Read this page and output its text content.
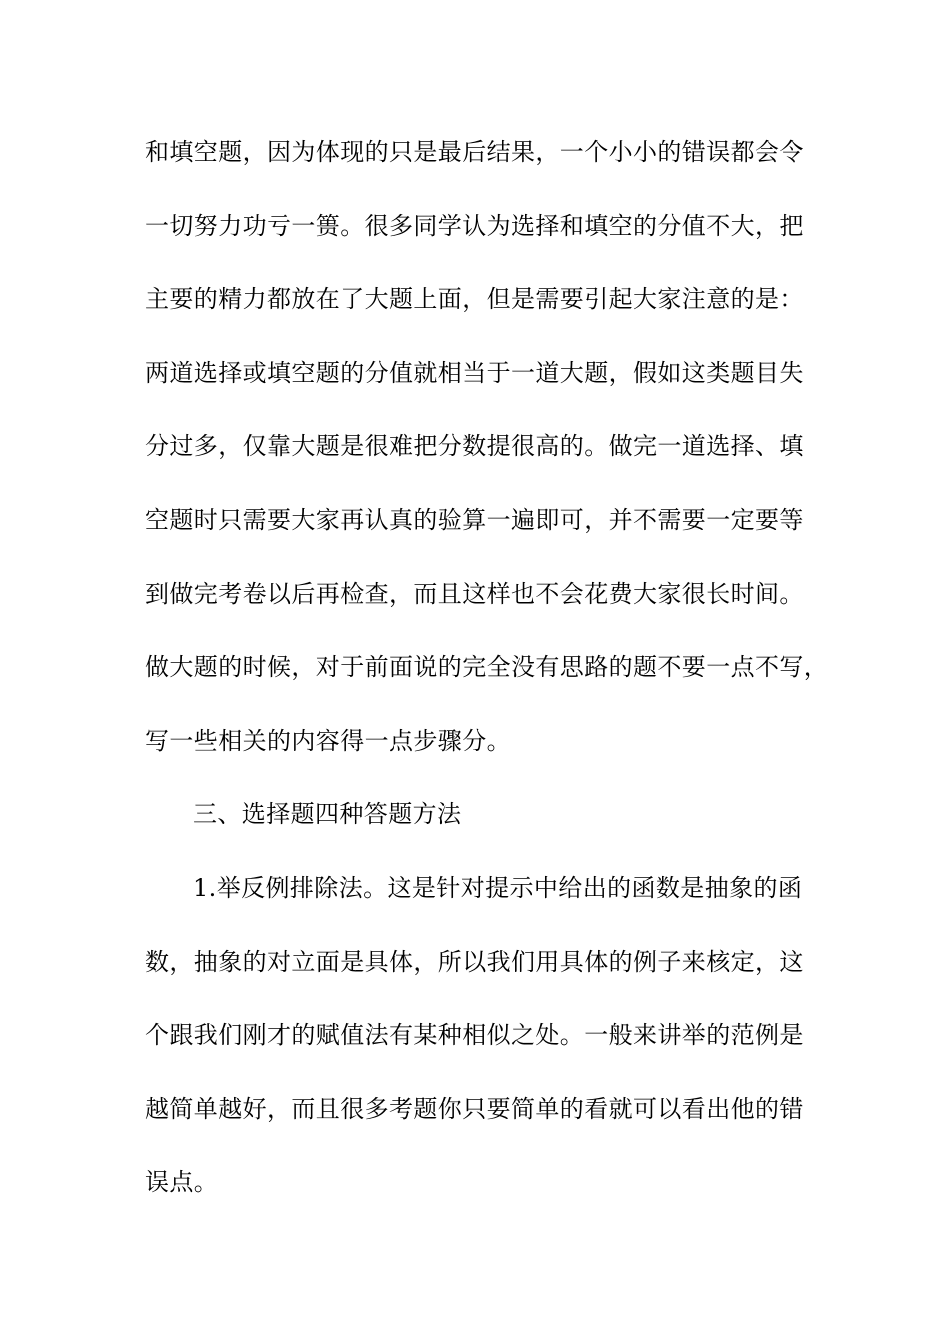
和填空题，因为体现的只是最后结果，一个小小的错误都会令
一切努力功亏一篑。很多同学认为选择和填空的分值不大，把
主要的精力都放在了大题上面，但是需要引起大家注意的是：
两道选择或填空题的分值就相当于一道大题，假如这类题目失
分过多，仅靠大题是很难把分数提很高的。做完一道选择、填
空题时只需要大家再认真的验算一遍即可，并不需要一定要等
到做完考卷以后再检查，而且这样也不会花费大家很长时间。
做大题的时候，对于前面说的完全没有思路的题不要一点不写，
写一些相关的内容得一点步骤分。
三、选择题四种答题方法
1.举反例排除法。这是针对提示中给出的函数是抽象的函
数，抽象的对立面是具体，所以我们用具体的例子来核定，这
个跟我们刚才的赋值法有某种相似之处。一般来讲举的范例是
越简单越好，而且很多考题你只要简单的看就可以看出他的错
误点。
